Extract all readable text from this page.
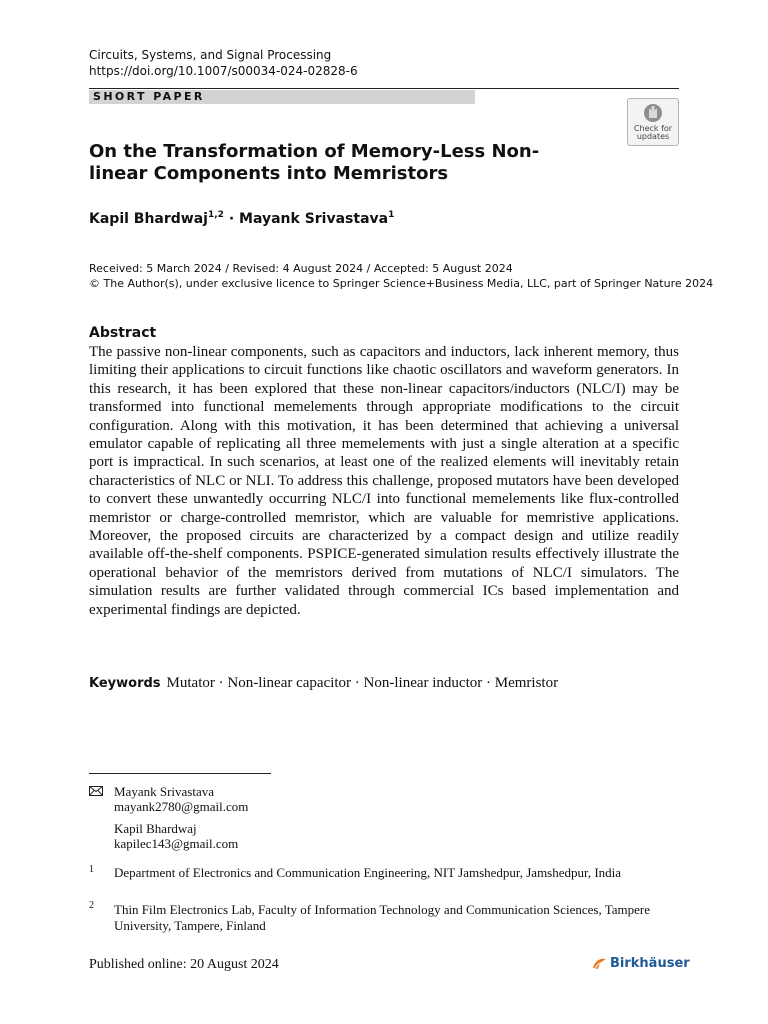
Circuits, Systems, and Signal Processing
https://doi.org/10.1007/s00034-024-02828-6
SHORT PAPER
Check for
updates
On the Transformation of Memory-Less Non-linear Components into Memristors
Kapil Bhardwaj$^{1,2}$ · Mayank Srivastava$^1$
Received: 5 March 2024 / Revised: 4 August 2024 / Accepted: 5 August 2024
© The Author(s), under exclusive licence to Springer Science+Business Media, LLC, part of Springer Nature 2024
Abstract

The passive non-linear components, such as capacitors and inductors, lack inherent memory, thus limiting their applications to circuit functions like chaotic oscillators and waveform generators. In this research, it has been explored that these non-linear capacitors/inductors (NLC/I) may be transformed into functional memelements through appropriate modifications to the circuit configuration. Along with this motivation, it has been determined that achieving a universal emulator capable of replicating all three memelements with just a single alteration at a specific port is impractical. In such scenarios, at least one of the realized elements will inevitably retain characteristics of NLC or NLI. To address this challenge, proposed mutators have been developed to convert these unwantedly occurring NLC/I into functional memelements like flux-controlled memristor or charge-controlled memristor, which are valuable for memristive applications. Moreover, the proposed circuits are characterized by a compact design and utilize readily available off-the-shelf components. PSPICE-generated simulation results effectively illustrate the operational behavior of the memristors derived from mutations of NLC/I simulators. The simulation results are further validated through commercial ICs based implementation and experimental findings are depicted.

Keywords Mutator · Non-linear capacitor · Non-linear inductor · Memristor
Mayank Srivastava
mayank2780@gmail.com
Kapil Bhardwaj
kapilec143@gmail.com
1 Department of Electronics and Communication Engineering, NIT Jamshedpur, Jamshedpur, India
2 Thin Film Electronics Lab, Faculty of Information Technology and Communication Sciences, Tampere University, Tampere, Finland
Published online: 20 August 2024	Birkhäuser
